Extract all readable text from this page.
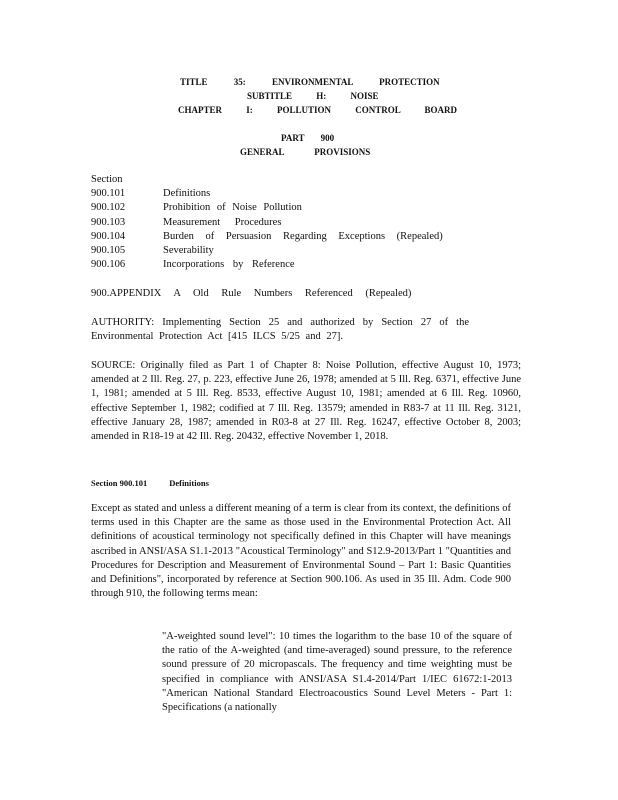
TITLE 35: ENVIRONMENTAL PROTECTION
SUBTITLE H: NOISE
CHAPTER I: POLLUTION CONTROL BOARD
PART 900
GENERAL PROVISIONS
Section
900.101	Definitions
900.102	Prohibition of Noise Pollution
900.103	Measurement Procedures
900.104	Burden of Persuasion Regarding Exceptions (Repealed)
900.105	Severability
900.106	Incorporations by Reference
900.APPENDIX A Old Rule Numbers Referenced (Repealed)
AUTHORITY: Implementing Section 25 and authorized by Section 27 of the Environmental Protection Act [415 ILCS 5/25 and 27].
SOURCE: Originally filed as Part 1 of Chapter 8: Noise Pollution, effective August 10, 1973; amended at 2 Ill. Reg. 27, p. 223, effective June 26, 1978; amended at 5 Ill. Reg. 6371, effective June 1, 1981; amended at 5 Ill. Reg. 8533, effective August 10, 1981; amended at 6 Ill. Reg. 10960, effective September 1, 1982; codified at 7 Ill. Reg. 13579; amended in R83-7 at 11 Ill. Reg. 3121, effective January 28, 1987; amended in R03-8 at 27 Ill. Reg. 16247, effective October 8, 2003; amended in R18-19 at 42 Ill. Reg. 20432, effective November 1, 2018.
Section 900.101	Definitions
Except as stated and unless a different meaning of a term is clear from its context, the definitions of terms used in this Chapter are the same as those used in the Environmental Protection Act. All definitions of acoustical terminology not specifically defined in this Chapter will have meanings ascribed in ANSI/ASA S1.1-2013 "Acoustical Terminology" and S12.9-2013/Part 1 "Quantities and Procedures for Description and Measurement of Environmental Sound – Part 1: Basic Quantities and Definitions", incorporated by reference at Section 900.106. As used in 35 Ill. Adm. Code 900 through 910, the following terms mean:
"A-weighted sound level": 10 times the logarithm to the base 10 of the square of the ratio of the A-weighted (and time-averaged) sound pressure, to the reference sound pressure of 20 micropascals. The frequency and time weighting must be specified in compliance with ANSI/ASA S1.4-2014/Part 1/IEC 61672:1-2013 "American National Standard Electroacoustics Sound Level Meters - Part 1: Specifications (a nationally
